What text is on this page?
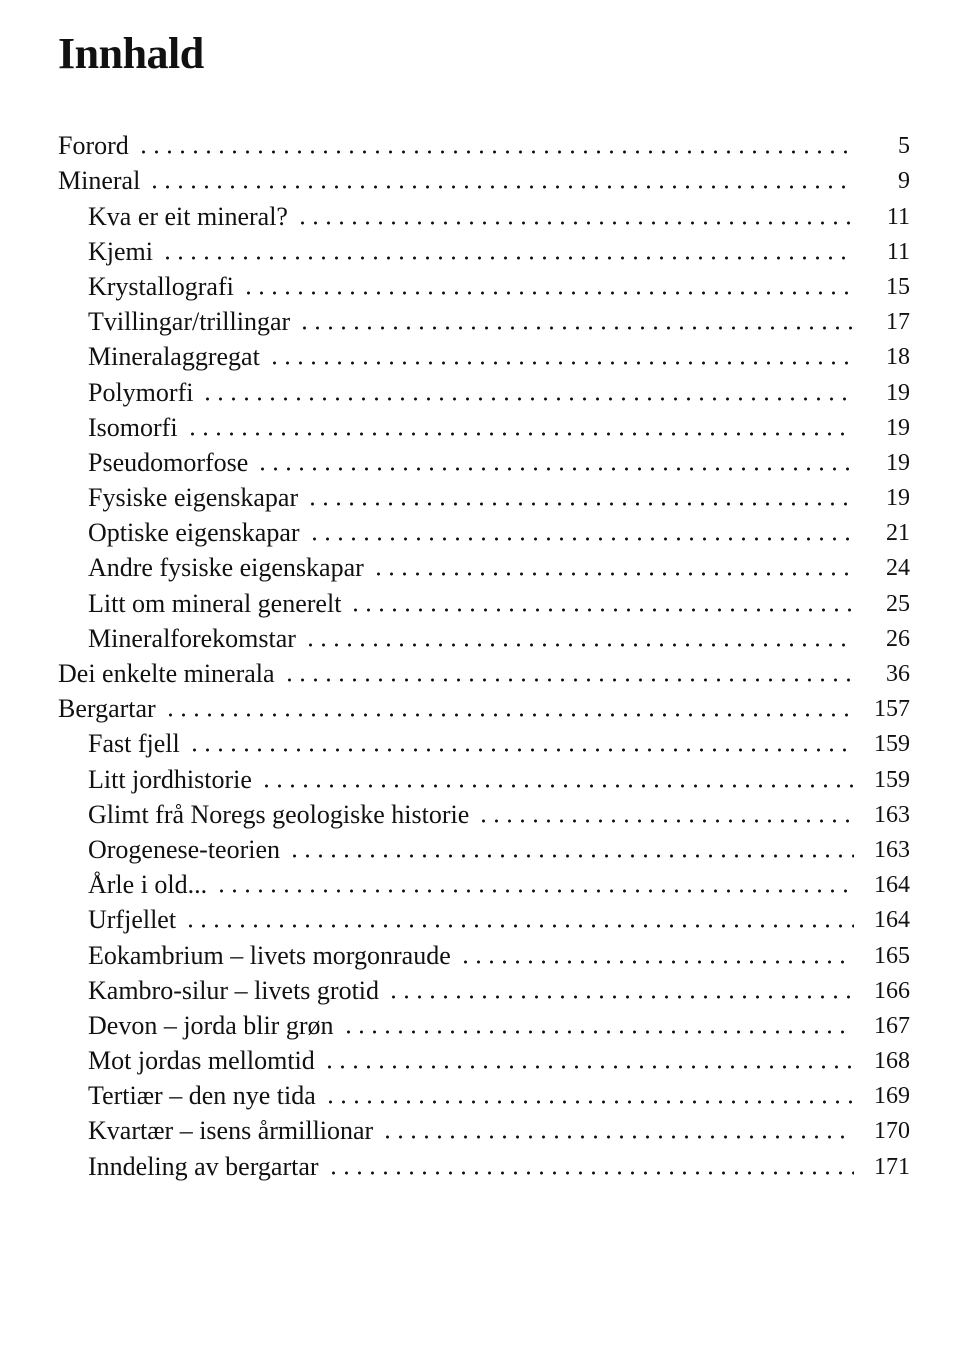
Innhald
Forord	5
Mineral	9
Kva er eit mineral?	11
Kjemi	11
Krystallografi	15
Tvillingar/trillingar	17
Mineralaggregat	18
Polymorfi	19
Isomorfi	19
Pseudomorfose	19
Fysiske eigenskapar	19
Optiske eigenskapar	21
Andre fysiske eigenskapar	24
Litt om mineral generelt	25
Mineralforekomstar	26
Dei enkelte minerala	36
Bergartar	157
Fast fjell	159
Litt jordhistorie	159
Glimt frå Noregs geologiske historie	163
Orogenese-teorien	163
Årle i old...	164
Urfjellet	164
Eokambrium – livets morgonraude	165
Kambro-silur – livets grotid	166
Devon – jorda blir grøn	167
Mot jordas mellomtid	168
Tertiær – den nye tida	169
Kvartær – isens årmillionar	170
Inndeling av bergartar	171
